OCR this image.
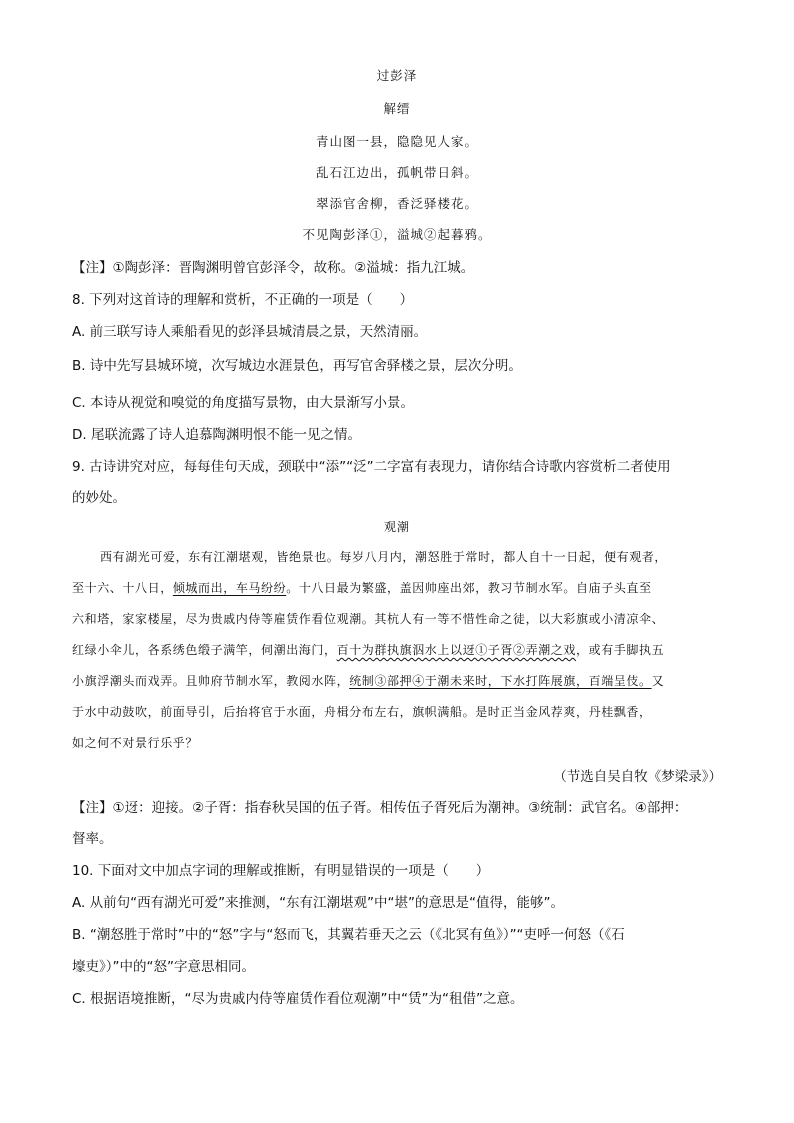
过彭泽
解缙
青山图一县，隐隐见人家。
乱石江边出，孤帆带日斜。
翠添官舍柳，香泛驿楼花。
不见陶彭泽①，溢城②起暮鸦。
【注】①陶彭泽：晋陶渊明曾官彭泽令，故称。②溢城：指九江城。
8. 下列对这首诗的理解和赏析，不正确的一项是（　　）
A. 前三联写诗人乘船看见的彭泽县城清晨之景，天然清丽。
B. 诗中先写县城环境，次写城边水涯景色，再写官舍驿楼之景，层次分明。
C. 本诗从视觉和嗅觉的角度描写景物，由大景渐写小景。
D. 尾联流露了诗人追慕陶渊明恨不能一见之情。
9. 古诗讲究对应，每每佳句天成，颈联中“添”“泛”二字富有表现力，请你结合诗歌内容赏析二者使用
的妙处。
观潮
西有湖光可爱，东有江潮堪观，皆绝景也。每岁八月内，潮怒胜于常时，都人自十一日起，便有观者，
至十六、十八日，倾城而出，车马纷纷。十八日最为繁盛，盖因帅座出郊，教习节制水军。自庙子头直至
六和塔，家家楼屋，尽为贵戚内侍等雇赁作看位观潮。其杭人有一等不惜性命之徒，以大彩旗或小清凉伞、
红绿小伞儿，各系绣色缎子满竿，伺潮出海门，百十为群执旗泅水上以迓①子胥②弄潮之戏，或有手脚执五
小旗浮潮头而戏弄。且帅府节制水军，教阅水阵，统制③部押④于潮未来时，下水打阵展旗，百端呈伎。又
于水中动鼓吹，前面导引，后抬将官于水面，舟楫分布左右，旗帜满船。是时正当金风荐爽，丹桂飘香，
如之何不对景行乐乎？
（节选自吴自牧《梦梁录》）
【注】①迓：迎接。②子胥：指春秋吴国的伍子胥。相传伍子胥死后为潮神。③统制：武官名。④部押：
督率。
10. 下面对文中加点字词的理解或推断，有明显错误的一项是（　　）
A. 从前句“西有湖光可爱”来推测，“东有江潮堪观”中“堪”的意思是“值得，能够”。
B. “潮怒胜于常时”中的“怒”字与“怒而飞，其翼若垂天之云（《北冥有鱼》）”“吏呼一何怒（《石
壕吏》）”中的“怒”字意思相同。
C. 根据语境推断，“尽为贵戚内侍等雇赁作看位观潮”中“赁”为“租借”之意。
